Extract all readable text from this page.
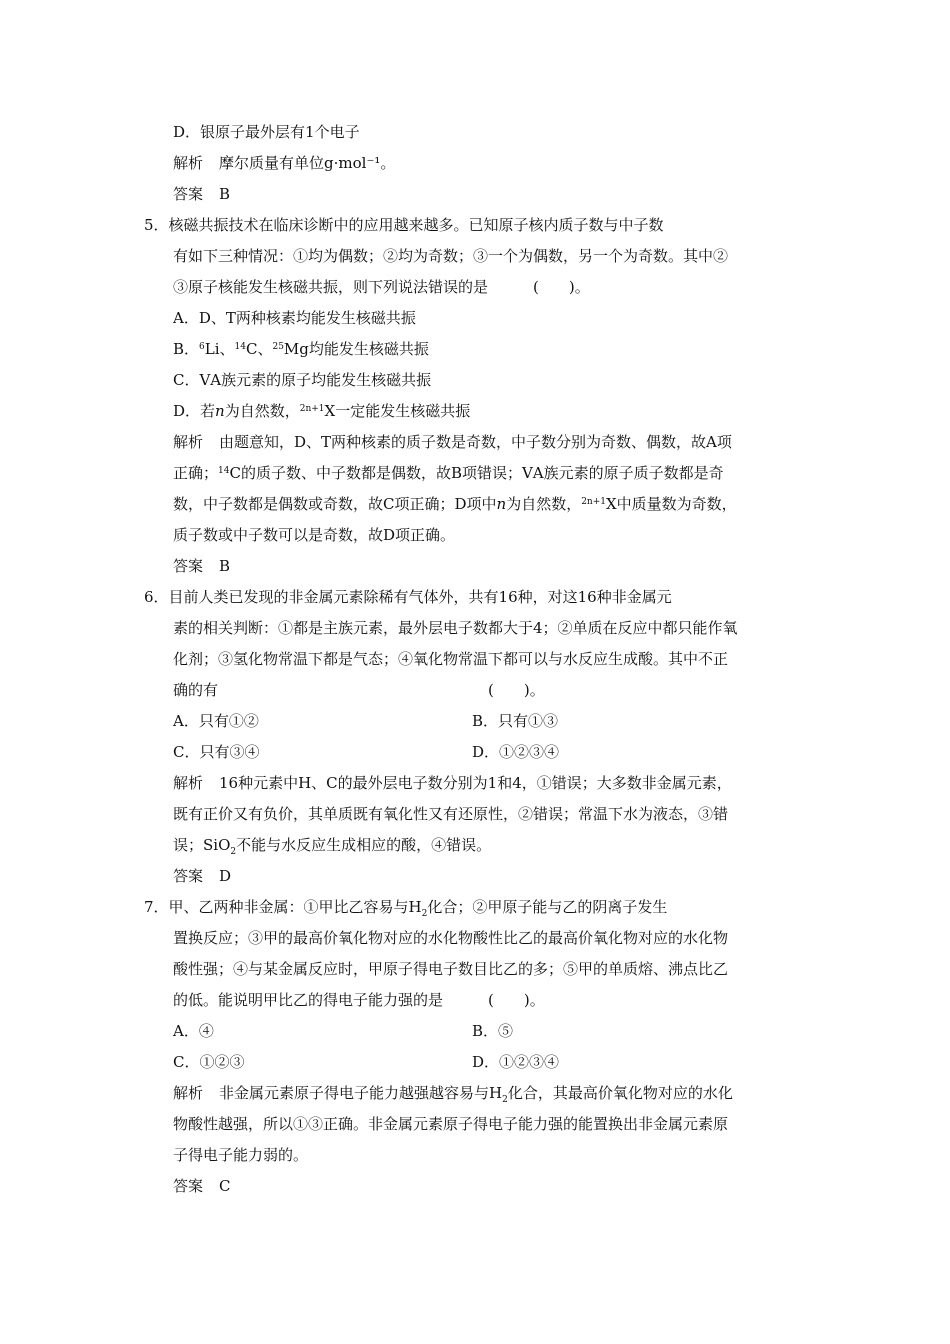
D．银原子最外层有1个电子
解析 摩尔质量有单位g·mol⁻¹。
答案 B
5．核磁共振技术在临床诊断中的应用越来越多。已知原子核内质子数与中子数
有如下三种情况：①均为偶数；②均为奇数；③一个为偶数，另一个为奇数。其中②
③原子核能发生核磁共振，则下列说法错误的是　　　(　　)。
A．D、T两种核素均能发生核磁共振
B．$^6$Li、$^{14}$C、$^{25}$Mg均能发生核磁共振
C．ⅤA族元素的原子均能发生核磁共振
D．若n为自然数，$^{2n+1}$X一定能发生核磁共振
解析 由题意知，D、T两种核素的质子数是奇数，中子数分别为奇数、偶数，故A项
正确；$^{14}$C的质子数、中子数都是偶数，故B项错误；ⅤA族元素的原子质子数都是奇
数，中子数都是偶数或奇数，故C项正确；D项中n为自然数，$^{2n+1}$X中质量数为奇数，
质子数或中子数可以是奇数，故D项正确。
答案 B
6．目前人类已发现的非金属元素除稀有气体外，共有16种，对这16种非金属元
素的相关判断：①都是主族元素，最外层电子数都大于4；②单质在反应中都只能作氧
化剂；③氢化物常温下都是气态；④氧化物常温下都可以与水反应生成酸。其中不正
确的有　　　　　　　　　　　　　　　　　　(　　)。
A．只有①②	B．只有①③
C．只有③④	D．①②③④
解析 16种元素中H、C的最外层电子数分别为1和4，①错误；大多数非金属元素，
既有正价又有负价，其单质既有氧化性又有还原性，②错误；常温下水为液态，③错
误；SiO$_2$不能与水反应生成相应的酸，④错误。
答案 D
7．甲、乙两种非金属：①甲比乙容易与$H_2$化合；②甲原子能与乙的阴离子发生
置换反应；③甲的最高价氧化物对应的水化物酸性比乙的最高价氧化物对应的水化物
酸性强；④与某金属反应时，甲原子得电子数目比乙的多；⑤甲的单质熔、沸点比乙
的低。能说明甲比乙的得电子能力强的是　　　(　　)。
A．④	B．⑤
C．①②③	D．①②③④
解析 非金属元素原子得电子能力越强越容易与$H_2$化合，其最高价氧化物对应的水化
物酸性越强，所以①③正确。非金属元素原子得电子能力强的能置换出非金属元素原
子得电子能力弱的。
答案 C
